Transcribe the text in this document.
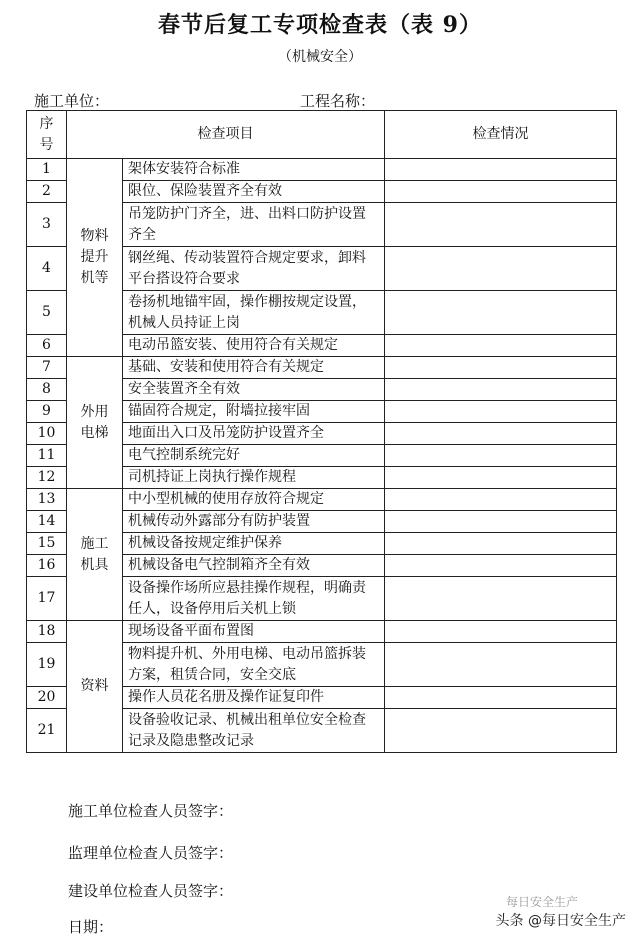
春节后复工专项检查表（表 9）
（机械安全）
施工单位：	工程名称：
序
号	检查项目		检查情况
1	物料
提升
机等	架体安装符合标准	
2		限位、保险装置齐全有效	
3		吊笼防护门齐全，进、出料口防护设置齐全	
4		钢丝绳、传动装置符合规定要求，卸料平台搭设符合要求	
5		卷扬机地锚牢固，操作棚按规定设置，机械人员持证上岗	
6		电动吊篮安装、使用符合有关规定	
7	外用
电梯	基础、安装和使用符合有关规定	
8		安全装置齐全有效	
9		锚固符合规定，附墙拉接牢固	
10		地面出入口及吊笼防护设置齐全	
11		电气控制系统完好	
12		司机持证上岗执行操作规程	
13	施工
机具	中小型机械的使用存放符合规定	
14		机械传动外露部分有防护装置	
15		机械设备按规定维护保养	
16		机械设备电气控制箱齐全有效	
17		设备操作场所应悬挂操作规程，明确责任人，设备停用后关机上锁	
18	资料	现场设备平面布置图	
19		物料提升机、外用电梯、电动吊篮拆装方案，租赁合同，安全交底	
20		操作人员花名册及操作证复印件	
21		设备验收记录、机械出租单位安全检查记录及隐患整改记录	
施工单位检查人员签字：
监理单位检查人员签字：
建设单位检查人员签字：
日期：
每日安全生产
头条 @每日安全生产
